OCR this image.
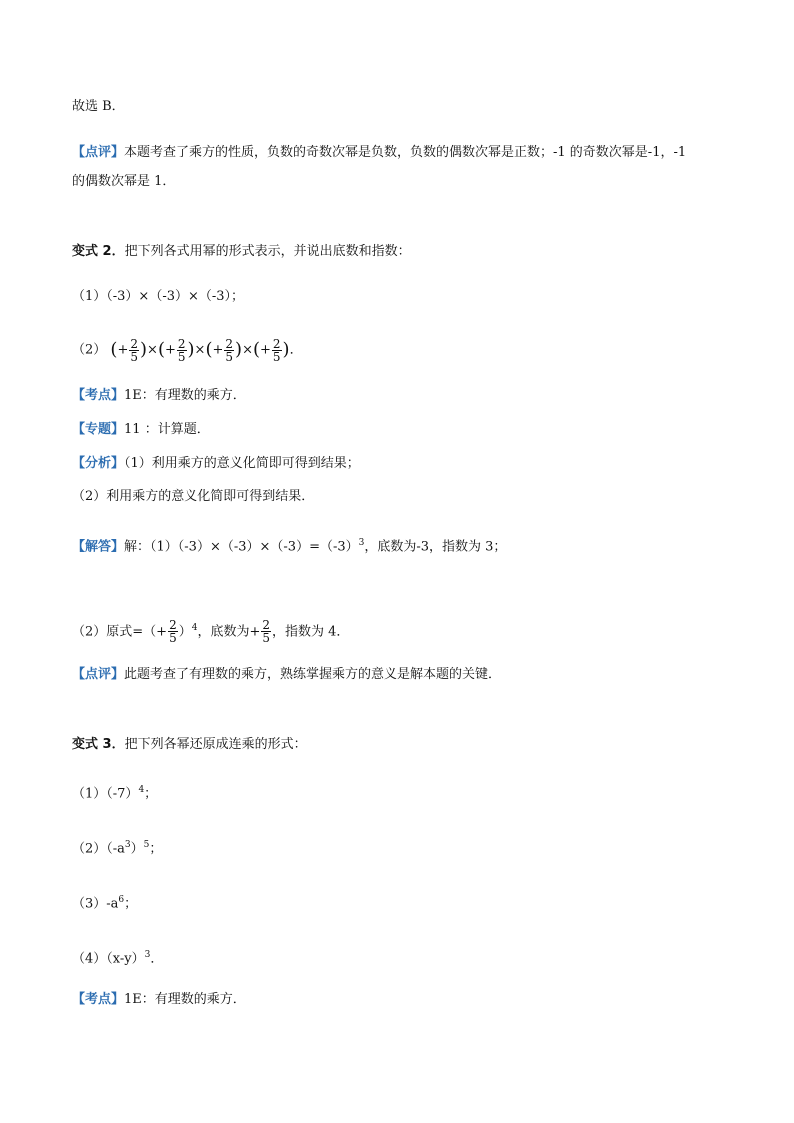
故选 B．
【点评】本题考查了乘方的性质，负数的奇数次幂是负数，负数的偶数次幂是正数；-1 的奇数次幂是-1，-1
的偶数次幂是 1．
变式 2．把下列各式用幂的形式表示，并说出底数和指数：
（1）（-3）×（-3）×（-3）；
（2） (+ $\frac{2}{5}$ )×(+ $\frac{2}{5}$ )×(+ $\frac{2}{5}$ )×(+ $\frac{2}{5}$ )．
【考点】1E：有理数的乘方．
【专题】11 ：计算题．
【分析】（1）利用乘方的意义化简即可得到结果；
（2）利用乘方的意义化简即可得到结果．
【解答】解：$(1)(-3)\times(-3)\times(-3)=(-3)^3$，底数为-3，指数为 3；
（2）原式=（+ $\frac{2}{5} )^4$，底数为+ $\frac{2}{5}$ ，指数为 4．
【点评】此题考查了有理数的乘方，熟练掌握乘方的意义是解本题的关键．
变式 3．把下列各幂还原成连乘的形式：
$(1)(-7)^4$；
$(2)(-a^3)^5$；
$(3)-a^6$；
$(4)(x-y)^3$．
【考点】1E：有理数的乘方．
